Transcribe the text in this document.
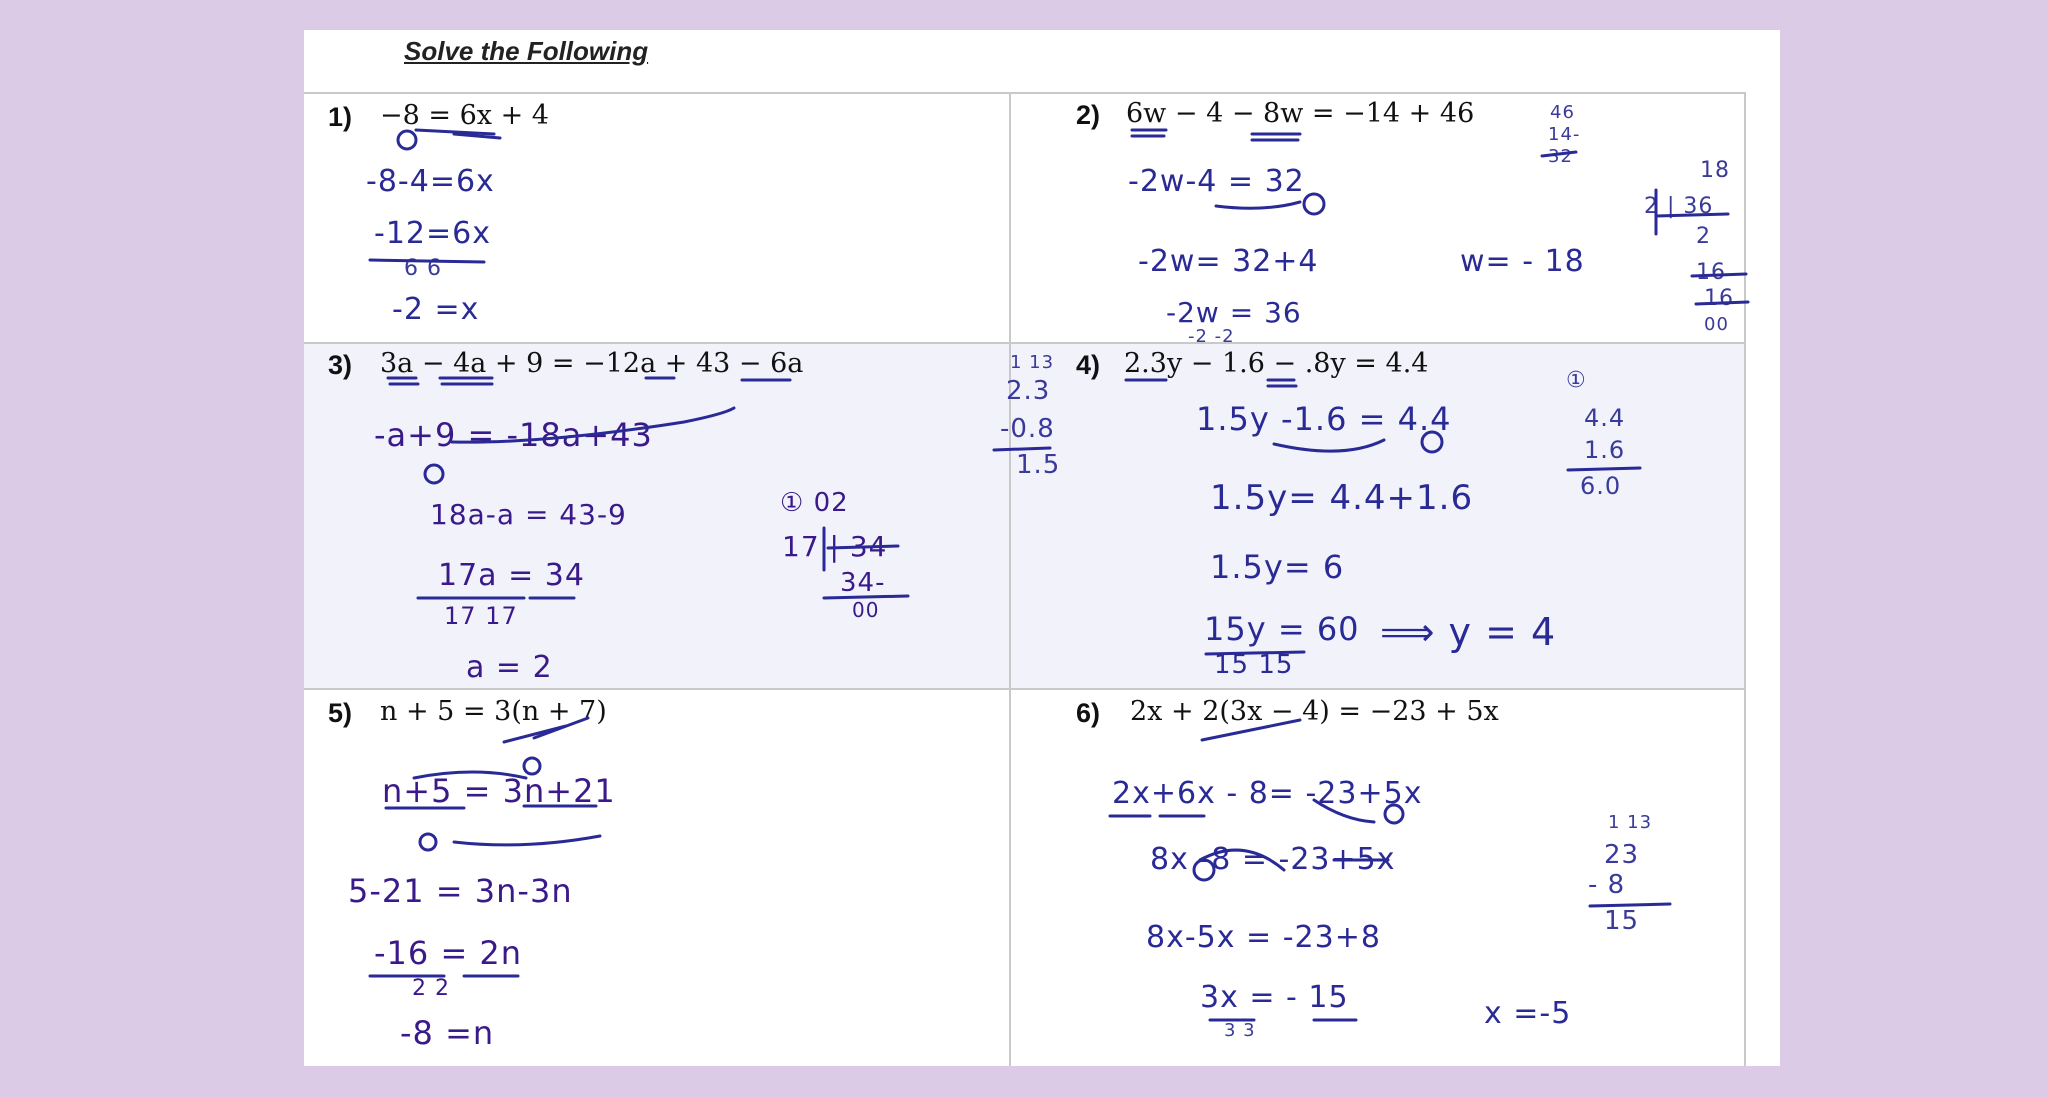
Solve the Following
1) −8 = 6x + 4
-8-4=6x
-12=6x
6 6
-2 =x
2) 6w − 4 − 8w = −14 + 46
-2w-4 = 32
-2w= 32+4
-2w = 36
-2 -2
w= - 18
46
14-
32
18
2 | 36
2
16
16
00
3) 3a − 4a + 9 = −12a + 43 − 6a
-a+9 = -18a+43
18a-a = 43-9
17a = 34
17 17
a = 2
① 02
17 | 34
34-
00
4) 2.3y − 1.6 − .8y = 4.4
1.5y -1.6 = 4.4
1.5y= 4.4+1.6
1.5y= 6
15y = 60
15 15
⟹ y = 4
1 13
2.3
-0.8
1.5
①
4.4
1.6
6.0
5) n + 5 = 3(n + 7)
n+5 = 3n+21
5-21 = 3n-3n
-16 = 2n
2 2
-8 =n
6) 2x + 2(3x − 4) = −23 + 5x
2x+6x - 8= -23+5x
8x -8 = -23+5x
8x-5x = -23+8
3x = - 15
3 3	x =-5
1 13
23
- 8
15
